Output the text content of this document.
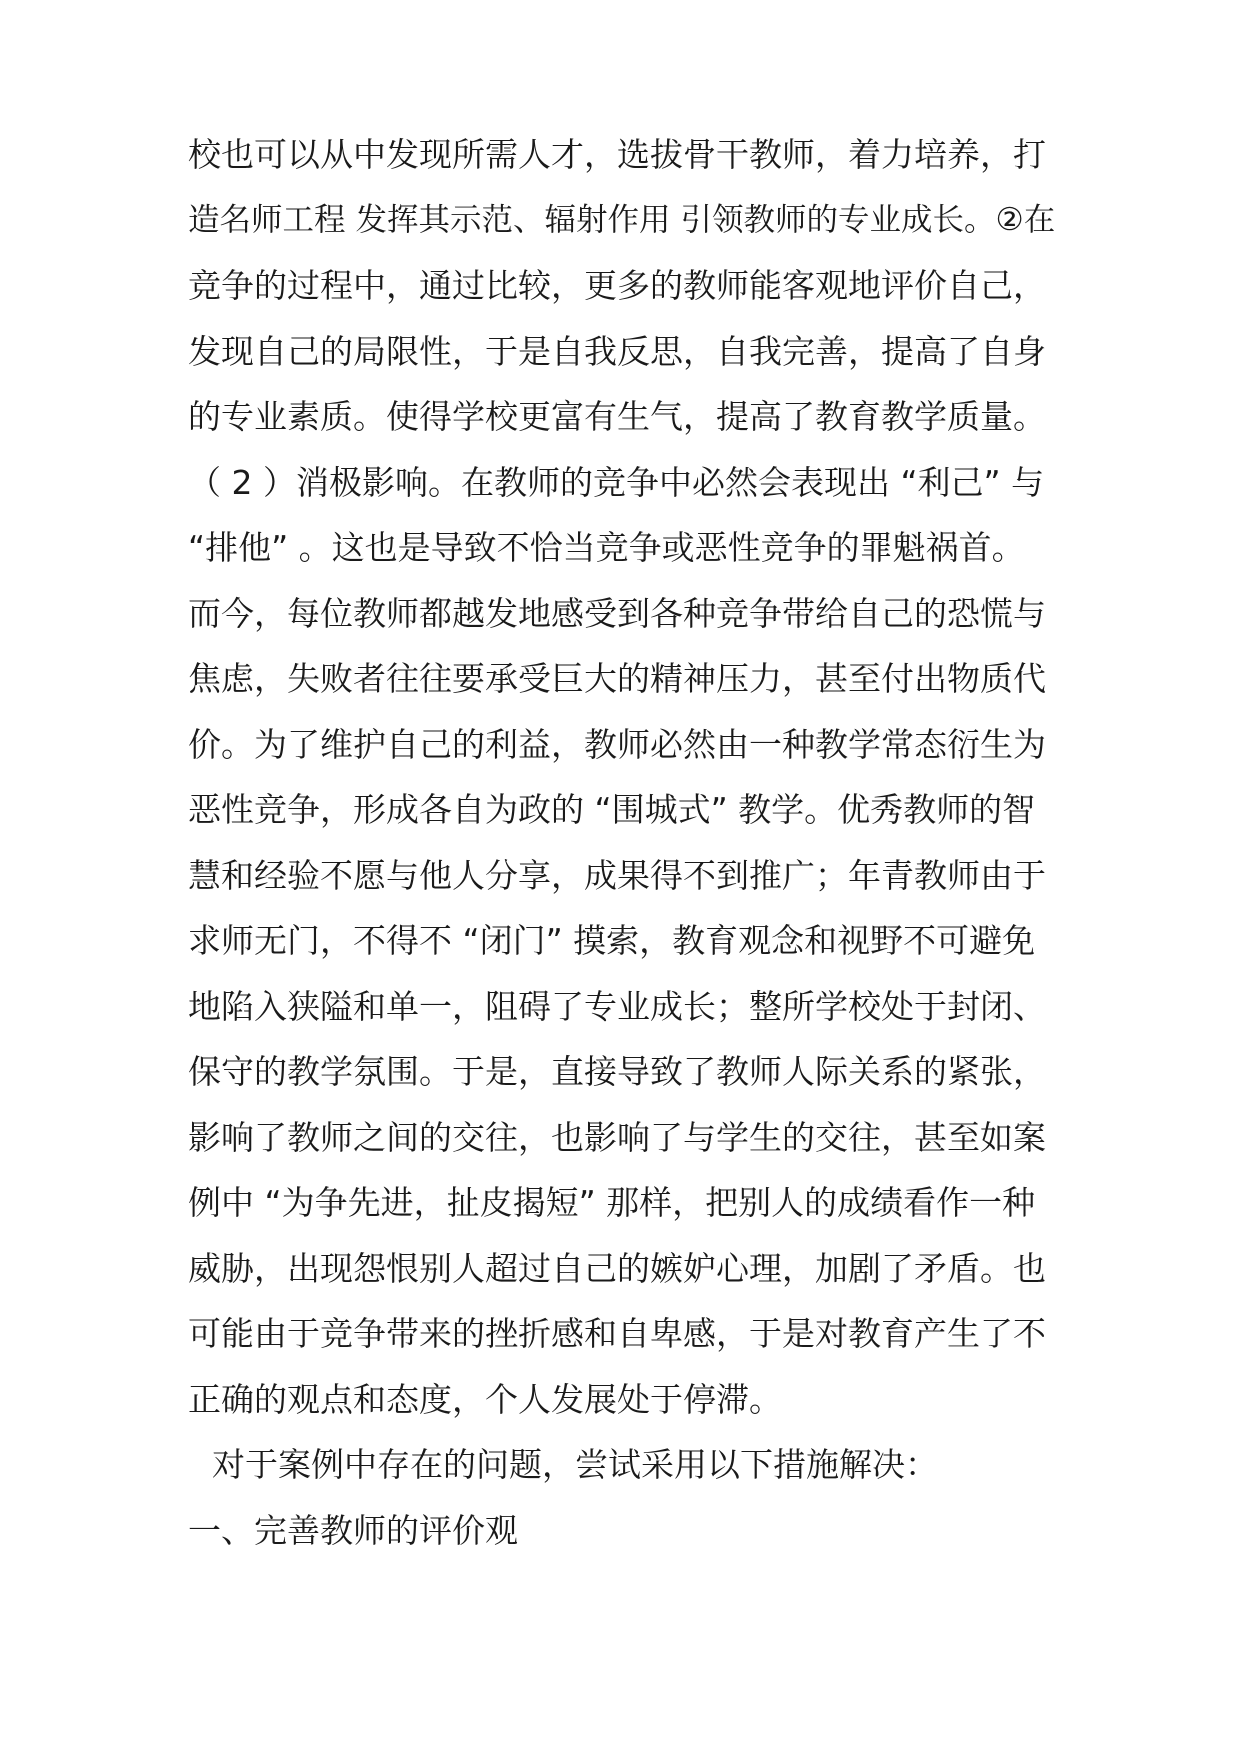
校也可以从中发现所需人才，选拔骨干教师，着力培养，打
造名师工程 发挥其示范、辐射作用 引领教师的专业成长。②在
竞争的过程中，通过比较，更多的教师能客观地评价自己，
发现自己的局限性，于是自我反思，自我完善，提高了自身
的专业素质。使得学校更富有生气，提高了教育教学质量。
（ 2 ）消极影响。在教师的竞争中必然会表现出 “利己” 与
“排他” 。这也是导致不恰当竞争或恶性竞争的罪魁祸首。
而今，每位教师都越发地感受到各种竞争带给自己的恐慌与
焦虑，失败者往往要承受巨大的精神压力，甚至付出物质代
价。为了维护自己的利益，教师必然由一种教学常态衍生为
恶性竞争，形成各自为政的 “围城式” 教学。优秀教师的智
慧和经验不愿与他人分享，成果得不到推广；年青教师由于
求师无门，不得不 “闭门” 摸索，教育观念和视野不可避免
地陷入狭隘和单一，阻碍了专业成长；整所学校处于封闭、
保守的教学氛围。于是，直接导致了教师人际关系的紧张，
影响了教师之间的交往，也影响了与学生的交往，甚至如案
例中 “为争先进，扯皮揭短” 那样，把别人的成绩看作一种
威胁，出现怨恨别人超过自己的嫉妒心理，加剧了矛盾。也
可能由于竞争带来的挫折感和自卑感，于是对教育产生了不
正确的观点和态度，个人发展处于停滞。
对于案例中存在的问题，尝试采用以下措施解决：
一、完善教师的评价观
